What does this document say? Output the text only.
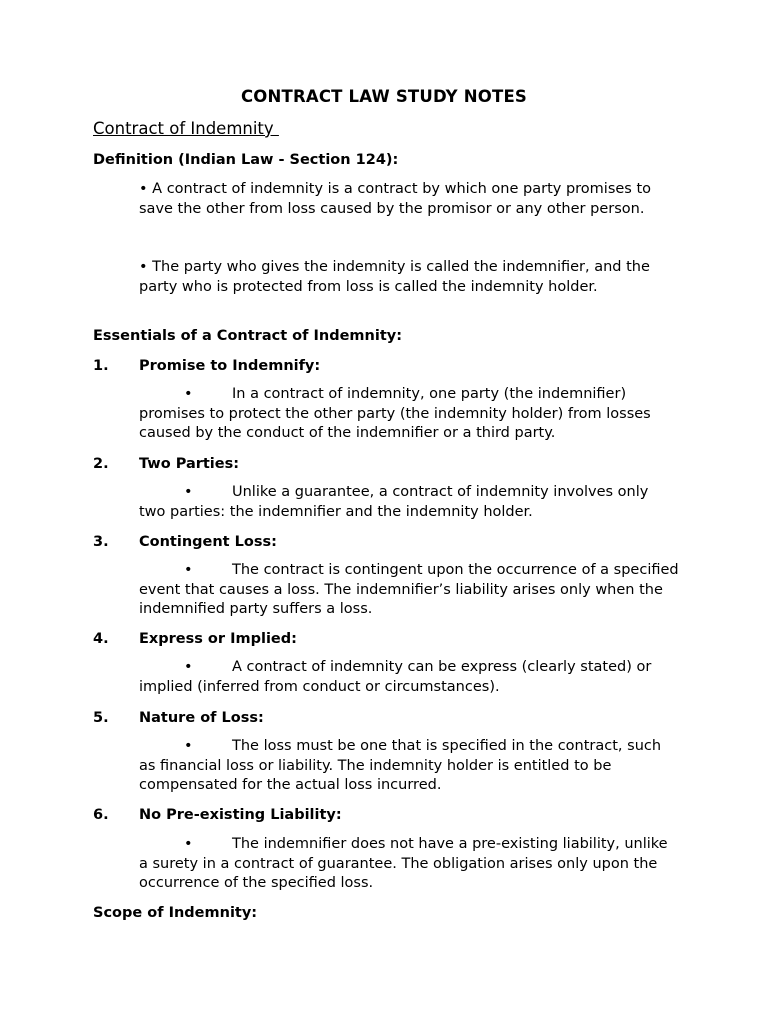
CONTRACT LAW STUDY NOTES
Contract of Indemnity
Definition (Indian Law - Section 124):
• A contract of indemnity is a contract by which one party promises to save the other from loss caused by the promisor or any other person.
• The party who gives the indemnity is called the indemnifier, and the party who is protected from loss is called the indemnity holder.
Essentials of a Contract of Indemnity:
1. Promise to Indemnify:
•	In a contract of indemnity, one party (the indemnifier) promises to protect the other party (the indemnity holder) from losses caused by the conduct of the indemnifier or a third party.
2. Two Parties:
•	Unlike a guarantee, a contract of indemnity involves only two parties: the indemnifier and the indemnity holder.
3. Contingent Loss:
•	The contract is contingent upon the occurrence of a specified event that causes a loss. The indemnifier’s liability arises only when the indemnified party suffers a loss.
4. Express or Implied:
•	A contract of indemnity can be express (clearly stated) or implied (inferred from conduct or circumstances).
5. Nature of Loss:
•	The loss must be one that is specified in the contract, such as financial loss or liability. The indemnity holder is entitled to be compensated for the actual loss incurred.
6. No Pre-existing Liability:
•	The indemnifier does not have a pre-existing liability, unlike a surety in a contract of guarantee. The obligation arises only upon the occurrence of the specified loss.
Scope of Indemnity:
